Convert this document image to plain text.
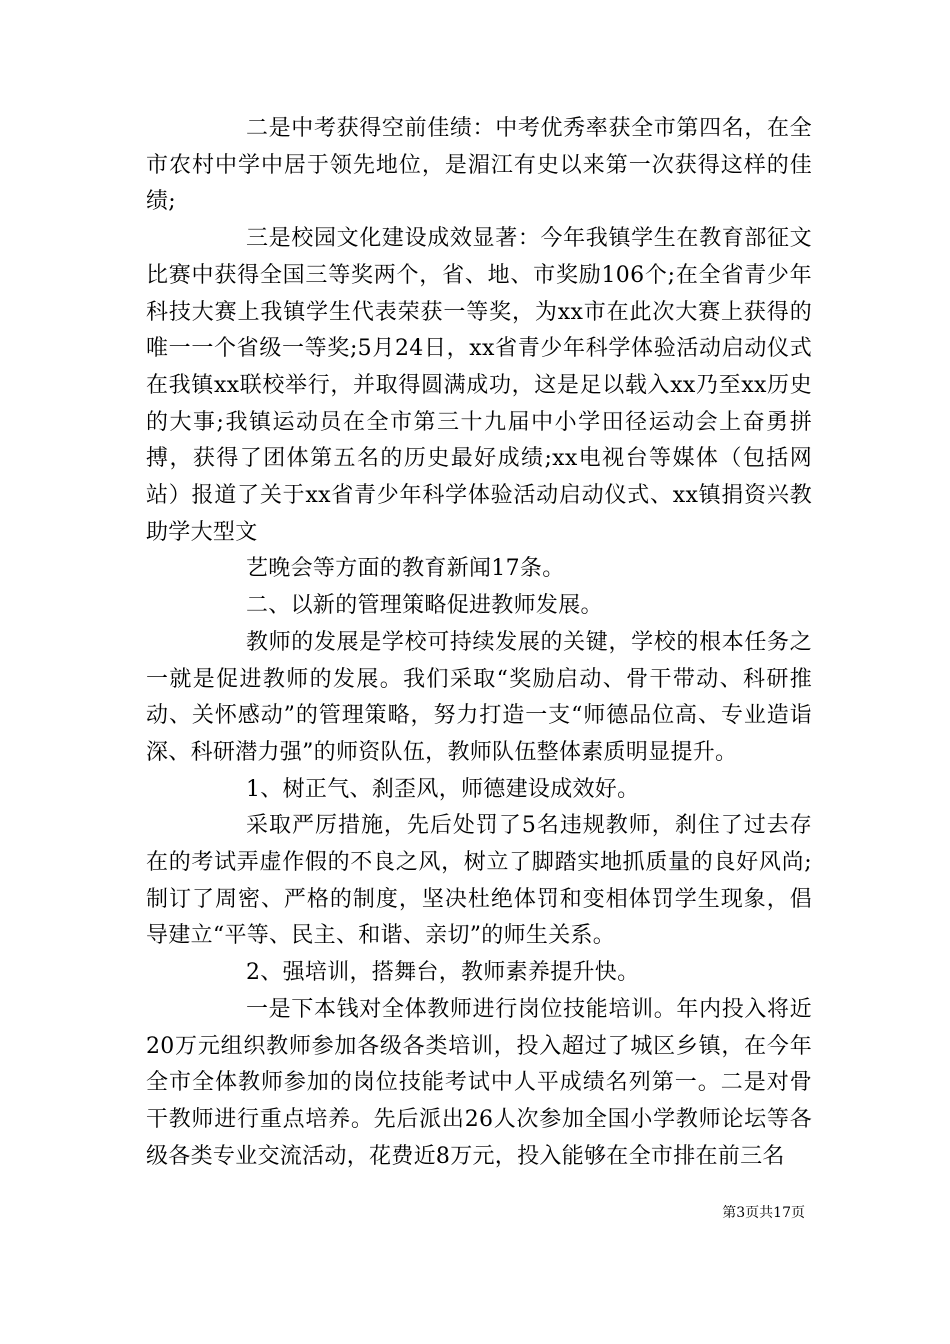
二是中考获得空前佳绩：中考优秀率获全市第四名，在全市农村中学中居于领先地位，是湄江有史以来第一次获得这样的佳绩;

三是校园文化建设成效显著：今年我镇学生在教育部征文比赛中获得全国三等奖两个，省、地、市奖励106个;在全省青少年科技大赛上我镇学生代表荣获一等奖，为xx市在此次大赛上获得的唯一一个省级一等奖;5月24日，xx省青少年科学体验活动启动仪式在我镇xx联校举行，并取得圆满成功，这是足以载入xx乃至xx历史的大事;我镇运动员在全市第三十九届中小学田径运动会上奋勇拼搏，获得了团体第五名的历史最好成绩;xx电视台等媒体（包括网站）报道了关于xx省青少年科学体验活动启动仪式、xx镇捐资兴教助学大型文

艺晚会等方面的教育新闻17条。

二、以新的管理策略促进教师发展。

教师的发展是学校可持续发展的关键，学校的根本任务之一就是促进教师的发展。我们采取“奖励启动、骨干带动、科研推动、关怀感动”的管理策略，努力打造一支“师德品位高、专业造诣深、科研潜力强”的师资队伍，教师队伍整体素质明显提升。

1、树正气、刹歪风，师德建设成效好。

采取严厉措施，先后处罚了5名违规教师，刹住了过去存在的考试弄虚作假的不良之风，树立了脚踏实地抓质量的良好风尚;制订了周密、严格的制度，坚决杜绝体罚和变相体罚学生现象，倡导建立“平等、民主、和谐、亲切”的师生关系。

2、强培训，搭舞台，教师素养提升快。

一是下本钱对全体教师进行岗位技能培训。年内投入将近20万元组织教师参加各级各类培训，投入超过了城区乡镇，在今年全市全体教师参加的岗位技能考试中人平成绩名列第一。二是对骨干教师进行重点培养。先后派出26人次参加全国小学教师论坛等各级各类专业交流活动，花费近8万元，投入能够在全市排在前三名

第3页共17页
